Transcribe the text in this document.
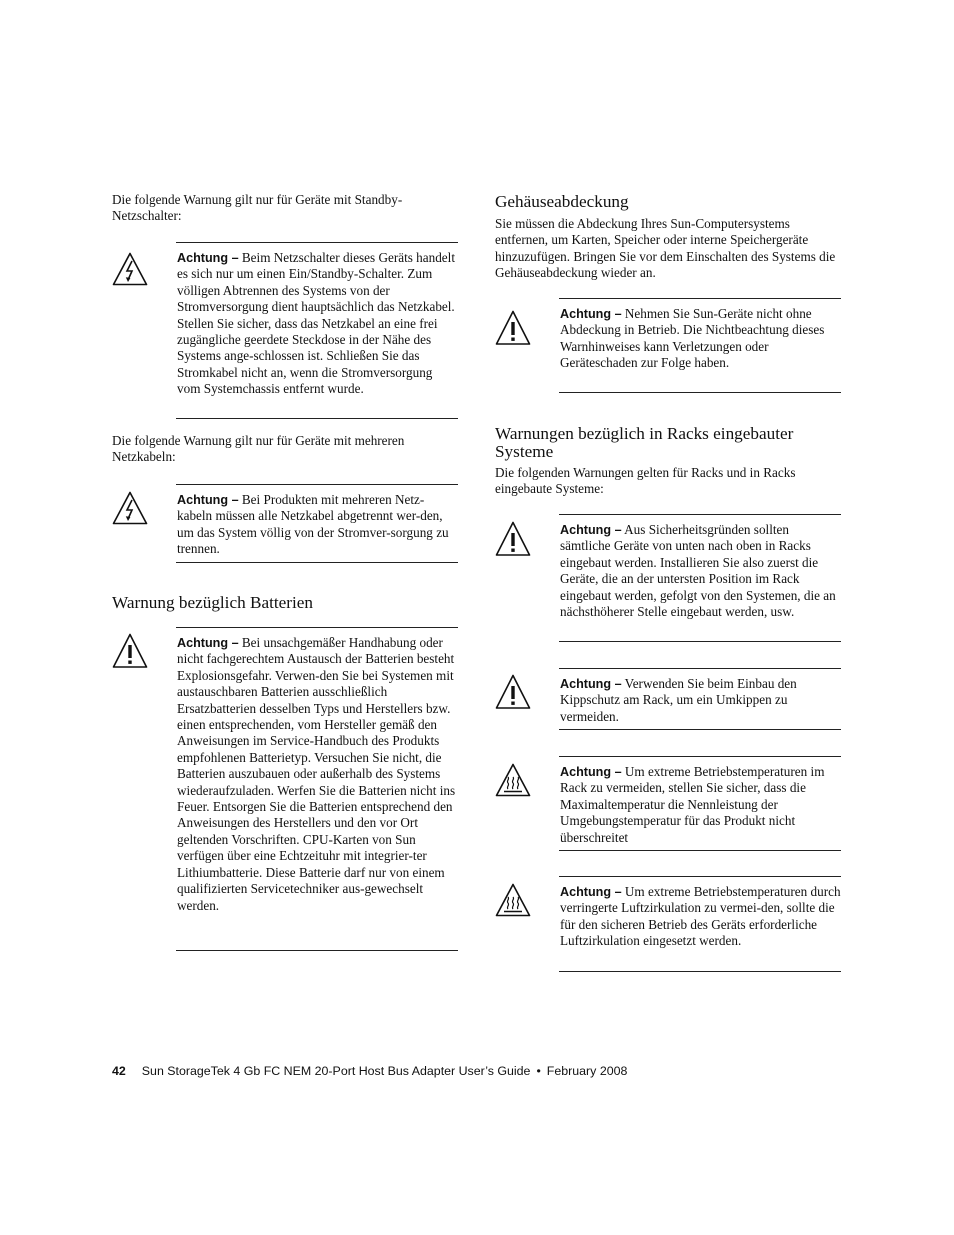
Die folgende Warnung gilt nur für Geräte mit Standby-Netzschalter:

Achtung – Beim Netzschalter dieses Geräts handelt es sich nur um einen Ein/Standby-Schalter. Zum völligen Abtrennen des Systems von der Stromversorgung dient hauptsächlich das Netzkabel. Stellen Sie sicher, dass das Netzkabel an eine frei zugängliche geerdete Steckdose in der Nähe des Systems ange-schlossen ist. Schließen Sie das Stromkabel nicht an, wenn die Stromversorgung vom Systemchassis entfernt wurde.

Die folgende Warnung gilt nur für Geräte mit mehreren Netzkabeln:

Achtung – Bei Produkten mit mehreren Netz-kabeln müssen alle Netzkabel abgetrennt wer-den, um das System völlig von der Stromver-sorgung zu trennen.

Warnung bezüglich Batterien

Achtung – Bei unsachgemäßer Handhabung oder nicht fachgerechtem Austausch der Batterien besteht Explosionsgefahr. Verwen-den Sie bei Systemen mit austauschbaren Batterien ausschließlich Ersatzbatterien desselben Typs und Herstellers bzw. einen entsprechenden, vom Hersteller gemäß den Anweisungen im Service-Handbuch des Produkts empfohlenen Batterietyp. Versuchen Sie nicht, die Batterien auszubauen oder außerhalb des Systems wiederaufzuladen. Werfen Sie die Batterien nicht ins Feuer. Entsorgen Sie die Batterien entsprechend den Anweisungen des Herstellers und den vor Ort geltenden Vorschriften. CPU-Karten von Sun verfügen über eine Echtzeituhr mit integrier-ter Lithiumbatterie. Diese Batterie darf nur von einem qualifizierten Servicetechniker aus-gewechselt werden.

Gehäuseabdeckung

Sie müssen die Abdeckung Ihres Sun-Computersystems entfernen, um Karten, Speicher oder interne Speichergeräte hinzuzufügen. Bringen Sie vor dem Einschalten des Systems die Gehäuseabdeckung wieder an.

Achtung – Nehmen Sie Sun-Geräte nicht ohne Abdeckung in Betrieb. Die Nichtbeachtung dieses Warnhinweises kann Verletzungen oder Geräteschaden zur Folge haben.

Warnungen bezüglich in Racks eingebauter Systeme

Die folgenden Warnungen gelten für Racks und in Racks eingebaute Systeme:

Achtung – Aus Sicherheitsgründen sollten sämtliche Geräte von unten nach oben in Racks eingebaut werden. Installieren Sie also zuerst die Geräte, die an der untersten Position im Rack eingebaut werden, gefolgt von den Systemen, die an nächsthöherer Stelle eingebaut werden, usw.

Achtung – Verwenden Sie beim Einbau den Kippschutz am Rack, um ein Umkippen zu vermeiden.

Achtung – Um extreme Betriebstemperaturen im Rack zu vermeiden, stellen Sie sicher, dass die Maximaltemperatur die Nennleistung der Umgebungstemperatur für das Produkt nicht überschreitet

Achtung – Um extreme Betriebstemperaturen durch verringerte Luftzirkulation zu vermei-den, sollte die für den sicheren Betrieb des Geräts erforderliche Luftzirkulation eingesetzt werden.

42 Sun StorageTek 4 Gb FC NEM 20-Port Host Bus Adapter User’s Guide • February 2008
